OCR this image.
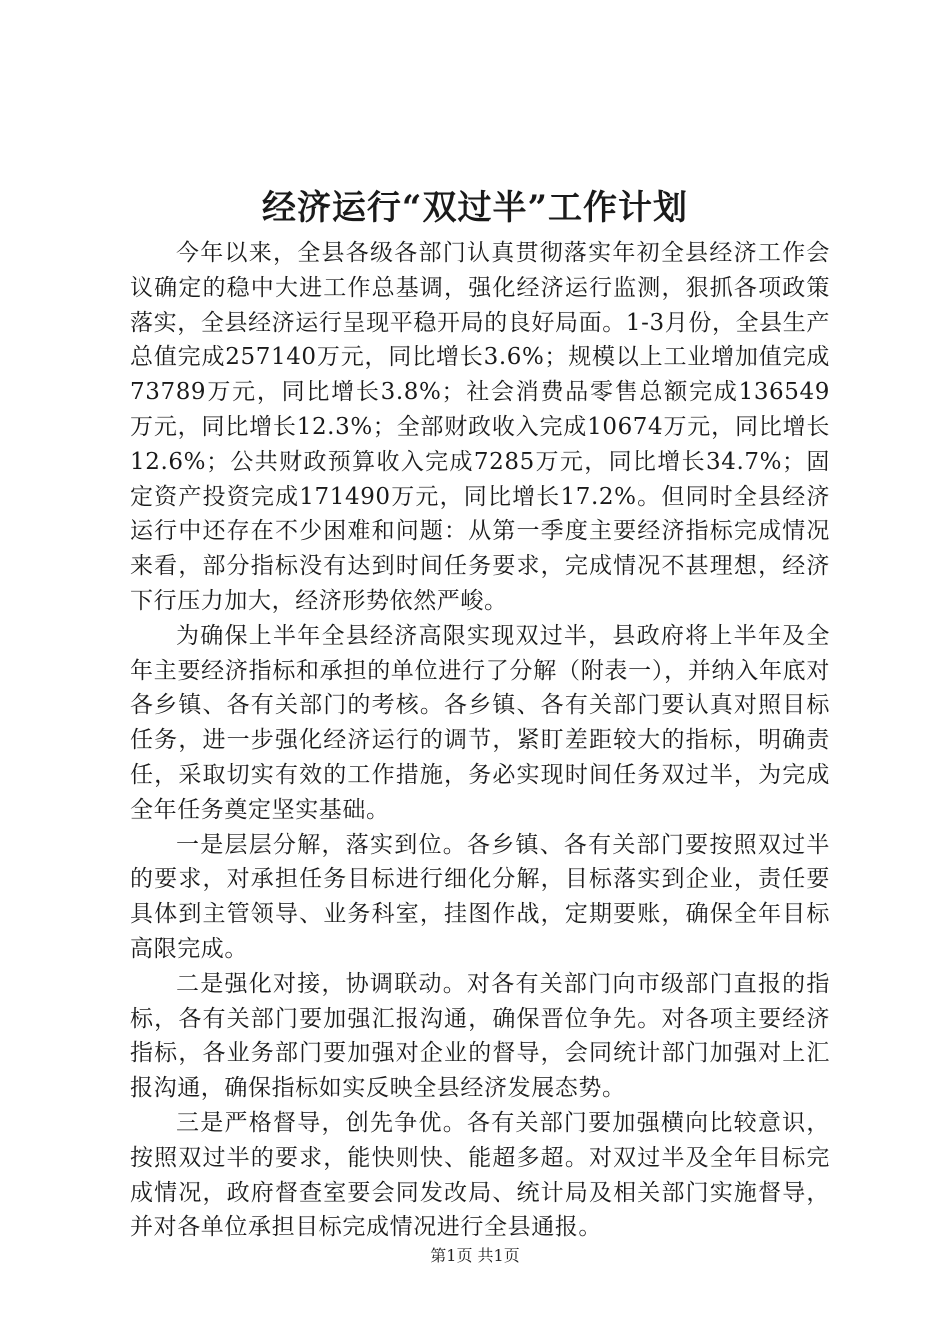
经济运行“双过半”工作计划

今年以来，全县各级各部门认真贯彻落实年初全县经济工作会议确定的稳中大进工作总基调，强化经济运行监测，狠抓各项政策落实，全县经济运行呈现平稳开局的良好局面。1-3月份，全县生产总值完成257140万元，同比增长3.6%；规模以上工业增加值完成73789万元，同比增长3.8%；社会消费品零售总额完成136549万元，同比增长12.3%；全部财政收入完成10674万元，同比增长12.6%；公共财政预算收入完成7285万元，同比增长34.7%；固定资产投资完成171490万元，同比增长17.2%。但同时全县经济运行中还存在不少困难和问题：从第一季度主要经济指标完成情况来看，部分指标没有达到时间任务要求，完成情况不甚理想，经济下行压力加大，经济形势依然严峻。

为确保上半年全县经济高限实现双过半，县政府将上半年及全年主要经济指标和承担的单位进行了分解（附表一），并纳入年底对各乡镇、各有关部门的考核。各乡镇、各有关部门要认真对照目标任务，进一步强化经济运行的调节，紧盯差距较大的指标，明确责任，采取切实有效的工作措施，务必实现时间任务双过半，为完成全年任务奠定坚实基础。

一是层层分解，落实到位。各乡镇、各有关部门要按照双过半的要求，对承担任务目标进行细化分解，目标落实到企业，责任要具体到主管领导、业务科室，挂图作战，定期要账，确保全年目标高限完成。

二是强化对接，协调联动。对各有关部门向市级部门直报的指标，各有关部门要加强汇报沟通，确保晋位争先。对各项主要经济指标，各业务部门要加强对企业的督导，会同统计部门加强对上汇报沟通，确保指标如实反映全县经济发展态势。

三是严格督导，创先争优。各有关部门要加强横向比较意识，按照双过半的要求，能快则快、能超多超。对双过半及全年目标完成情况，政府督查室要会同发改局、统计局及相关部门实施督导，并对各单位承担目标完成情况进行全县通报。

第1页 共1页
